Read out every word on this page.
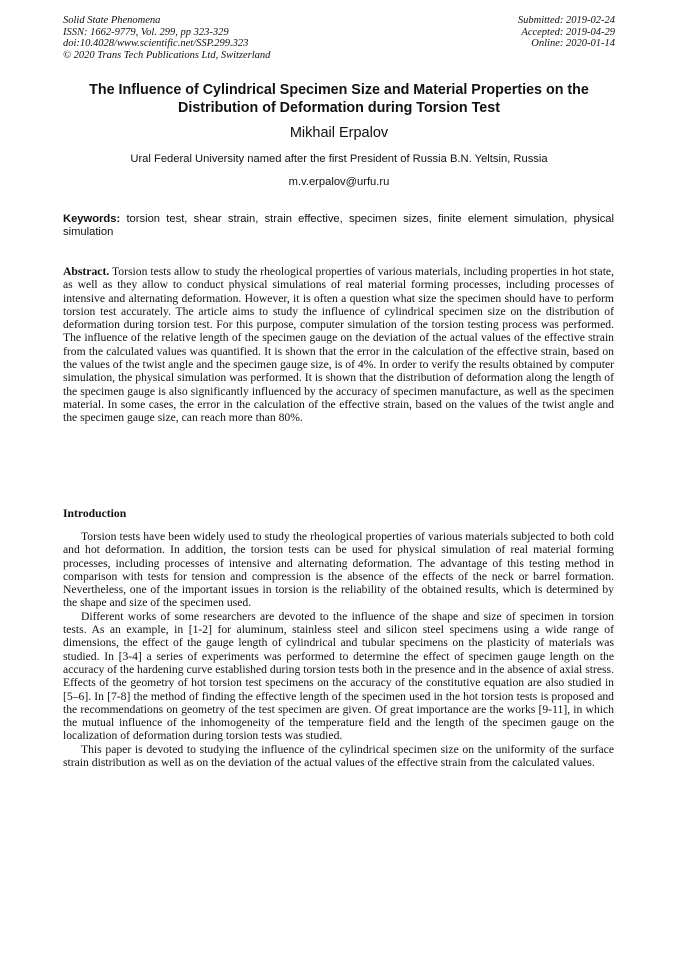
Solid State Phenomena
ISSN: 1662-9779, Vol. 299, pp 323-329
doi:10.4028/www.scientific.net/SSP.299.323
© 2020 Trans Tech Publications Ltd, Switzerland
Submitted: 2019-02-24
Accepted: 2019-04-29
Online: 2020-01-14
The Influence of Cylindrical Specimen Size and Material Properties on the Distribution of Deformation during Torsion Test
Mikhail Erpalov
Ural Federal University named after the first President of Russia B.N. Yeltsin, Russia
m.v.erpalov@urfu.ru

Keywords: torsion test, shear strain, strain effective, specimen sizes, finite element simulation, physical simulation

Abstract. Torsion tests allow to study the rheological properties of various materials, including properties in hot state, as well as they allow to conduct physical simulations of real material forming processes, including processes of intensive and alternating deformation. However, it is often a question what size the specimen should have to perform torsion test accurately. The article aims to study the influence of cylindrical specimen size on the distribution of deformation during torsion test. For this purpose, computer simulation of the torsion testing process was performed. The influence of the relative length of the specimen gauge on the deviation of the actual values of the effective strain from the calculated values was quantified. It is shown that the error in the calculation of the effective strain, based on the values of the twist angle and the specimen gauge size, is of 4%. In order to verify the results obtained by computer simulation, the physical simulation was performed. It is shown that the distribution of deformation along the length of the specimen gauge is also significantly influenced by the accuracy of specimen manufacture, as well as the specimen material. In some cases, the error in the calculation of the effective strain, based on the values of the twist angle and the specimen gauge size, can reach more than 80%.

Introduction

Torsion tests have been widely used to study the rheological properties of various materials subjected to both cold and hot deformation. In addition, the torsion tests can be used for physical simulation of real material forming processes, including processes of intensive and alternating deformation. The advantage of this testing method in comparison with tests for tension and compression is the absence of the effects of the neck or barrel formation. Nevertheless, one of the important issues in torsion is the reliability of the obtained results, which is determined by the shape and size of the specimen used.

Different works of some researchers are devoted to the influence of the shape and size of specimen in torsion tests. As an example, in [1-2] for aluminum, stainless steel and silicon steel specimens using a wide range of dimensions, the effect of the gauge length of cylindrical and tubular specimens on the plasticity of materials was studied. In [3-4] a series of experiments was performed to determine the effect of specimen gauge length on the accuracy of the hardening curve established during torsion tests both in the presence and in the absence of axial stress. Effects of the geometry of hot torsion test specimens on the accuracy of the constitutive equation are also studied in [5–6]. In [7-8] the method of finding the effective length of the specimen used in the hot torsion tests is proposed and the recommendations on geometry of the test specimen are given. Of great importance are the works [9-11], in which the mutual influence of the inhomogeneity of the temperature field and the length of the specimen gauge on the localization of deformation during torsion tests was studied.

This paper is devoted to studying the influence of the cylindrical specimen size on the uniformity of the surface strain distribution as well as on the deviation of the actual values of the effective strain from the calculated values.
